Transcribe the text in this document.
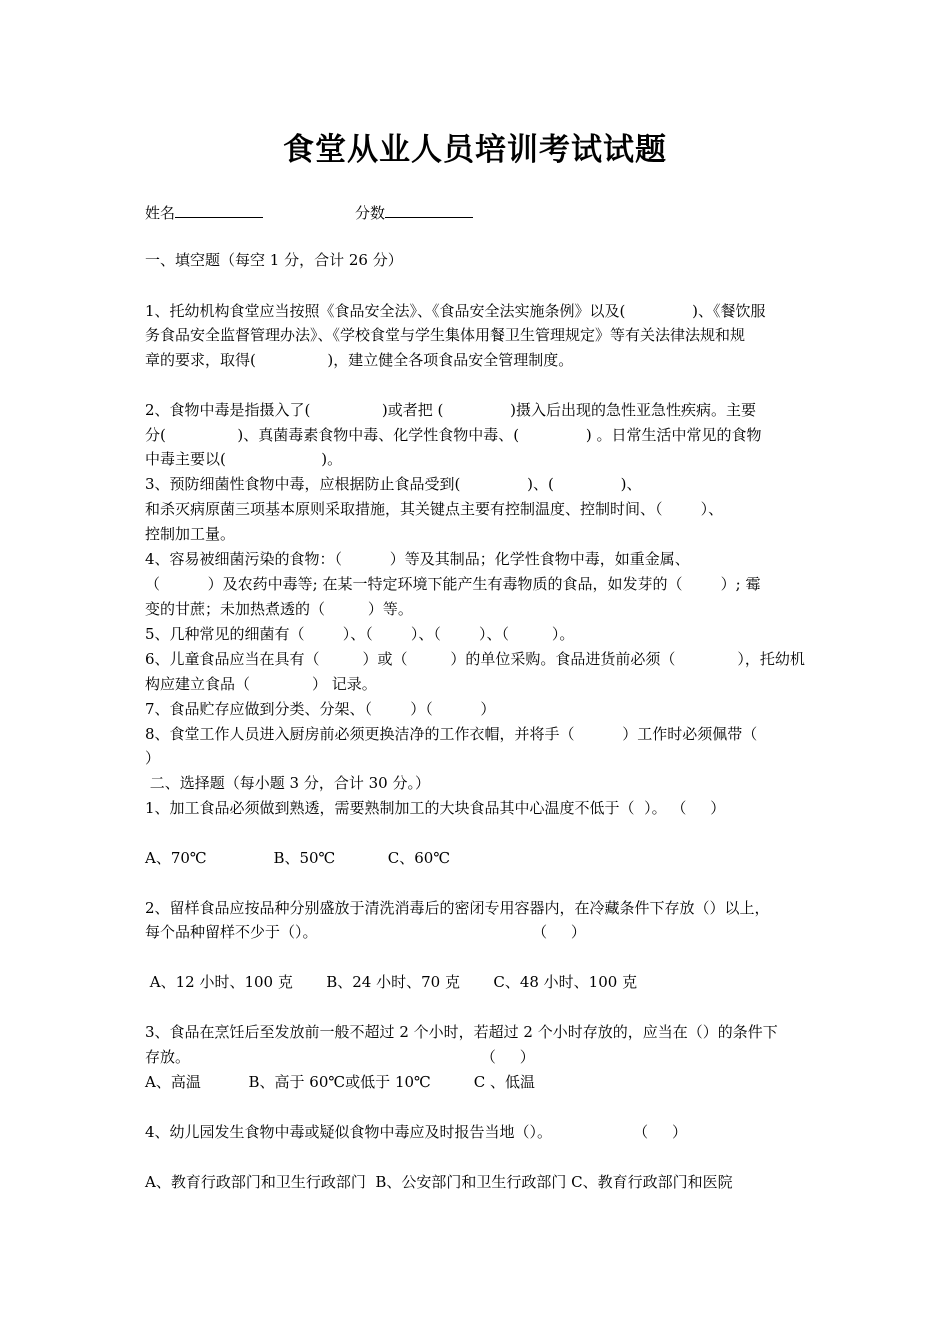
食堂从业人员培训考试试题
姓名	分数
一、填空题（每空 1 分，合计 26 分）
1、托幼机构食堂应当按照《食品安全法》、《食品安全法实施条例》以及(              )、《餐饮服
务食品安全监督管理办法》、《学校食堂与学生集体用餐卫生管理规定》等有关法律法规和规
章的要求，取得(               )，建立健全各项食品安全管理制度。
2、食物中毒是指摄入了(               )或者把 (              )摄入后出现的急性亚急性疾病。主要
分(               )、真菌毒素食物中毒、化学性食物中毒、(              ) 。日常生活中常见的食物
中毒主要以(                    )。
3、预防细菌性食物中毒，应根据防止食品受到(              )、(              )、
和杀灭病原菌三项基本原则采取措施，其关键点主要有控制温度、控制时间、（        ）、
控制加工量。
4、容易被细菌污染的食物：（          ）等及其制品；化学性食物中毒，如重金属、
（          ）及农药中毒等; 在某一特定环境下能产生有毒物质的食品，如发芽的（        ）; 霉
变的甘蔗；未加热煮透的（         ）等。
5、几种常见的细菌有（        ）、（        ）、（        ）、（         ）。
6、儿童食品应当在具有（         ）或（         ）的单位采购。食品进货前必须（             ），托幼机
构应建立食品（             ） 记录。
7、食品贮存应做到分类、分架、（        ）（          ）
8、食堂工作人员进入厨房前必须更换洁净的工作衣帽，并将手（          ）工作时必须佩带（
）
二、选择题（每小题 3 分，合计 30 分。）
1、加工食品必须做到熟透，需要熟制加工的大块食品其中心温度不低于（  ）。 （     ）
A、70℃              B、50℃           C、60℃
2、留样食品应按品种分别盛放于清洗消毒后的密闭专用容器内，在冷藏条件下存放（）以上，
每个品种留样不少于（）。                                             （     ）
A、12 小时、100 克       B、24 小时、70 克       C、48 小时、100 克
3、食品在烹饪后至发放前一般不超过 2 个小时，若超过 2 个小时存放的，应当在（）的条件下
存放。                                                             （     ）
A、高温          B、高于 60℃或低于 10℃         C 、低温
4、幼儿园发生食物中毒或疑似食物中毒应及时报告当地（）。                 （     ）
A、教育行政部门和卫生行政部门  B、公安部门和卫生行政部门 C、教育行政部门和医院
